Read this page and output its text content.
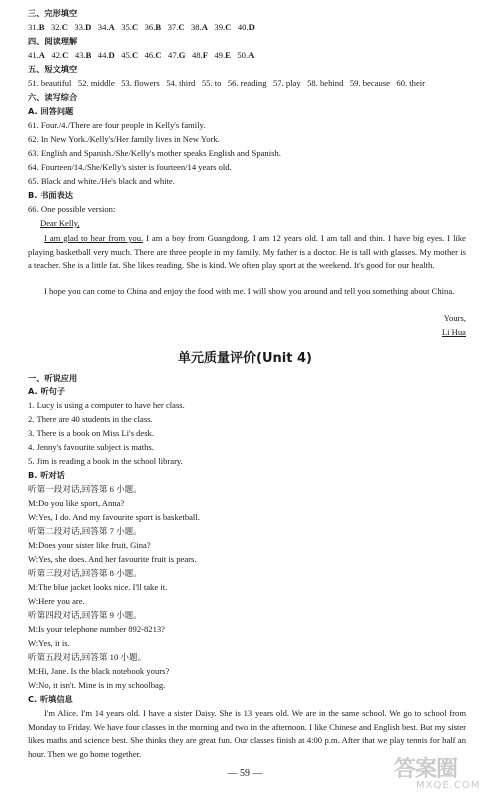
三、完形填空
31.B 32.C 33.D 34.A 35.C 36.B 37.C 38.A 39.C 40.D
四、阅读理解
41.A 42.C 43.B 44.D 45.C 46.C 47.G 48.F 49.E 50.A
五、短文填空
51. beautiful 52. middle 53. flowers 54. third 55. to 56. reading 57. play 58. behind 59. because 60. their
六、读写综合
A. 回答问题
61. Four./4./There are four people in Kelly's family.
62. In New York./Kelly's/Her family lives in New York.
63. English and Spanish./She/Kelly's mother speaks English and Spanish.
64. Fourteen/14./She/Kelly's sister is fourteen/14 years old.
65. Black and white./He's black and white.
B. 书面表达
66. One possible version:
Dear Kelly,
I am glad to hear from you. I am a boy from Guangdong. I am 12 years old. I am tall and thin. I have big eyes. I like playing basketball very much. There are three people in my family. My father is a doctor. He is tall with glasses. My mother is a teacher. She is a little fat. She likes reading. She is kind. We often play sport at the weekend. It's good for our health.
I hope you can come to China and enjoy the food with me. I will show you around and tell you something about China.
Yours,
Li Hua
单元质量评价(Unit 4)
一、听说应用
A. 听句子
1. Lucy is using a computer to have her class.
2. There are 40 students in the class.
3. There is a book on Miss Li's desk.
4. Jenny's favourite subject is maths.
5. Jim is reading a book in the school library.
B. 听对话
听第一段对话,回答第 6 小题。
M:Do you like sport, Anna?
W:Yes, I do. And my favourite sport is basketball.
听第二段对话,回答第 7 小题。
M:Does your sister like fruit, Gina?
W:Yes, she does. And her favourite fruit is pears.
听第三段对话,回答第 8 小题。
M:The blue jacket looks nice. I'll take it.
W:Here you are.
听第四段对话,回答第 9 小题。
M:Is your telephone number 892-8213?
W:Yes, it is.
听第五段对话,回答第 10 小题。
M:Hi, Jane. Is the black notebook yours?
W:No, it isn't. Mine is in my schoolbag.
C. 听填信息
I'm Alice. I'm 14 years old. I have a sister Daisy. She is 13 years old. We are in the same school. We go to school from Monday to Friday. We have four classes in the morning and two in the afternoon. I like Chinese and English best. But my sister likes maths and science best. She thinks they are great fun. Our classes finish at 4:00 p.m. After that we play tennis for half an hour. Then we go home together.
— 59 —	答案圈
MXQE.COM
